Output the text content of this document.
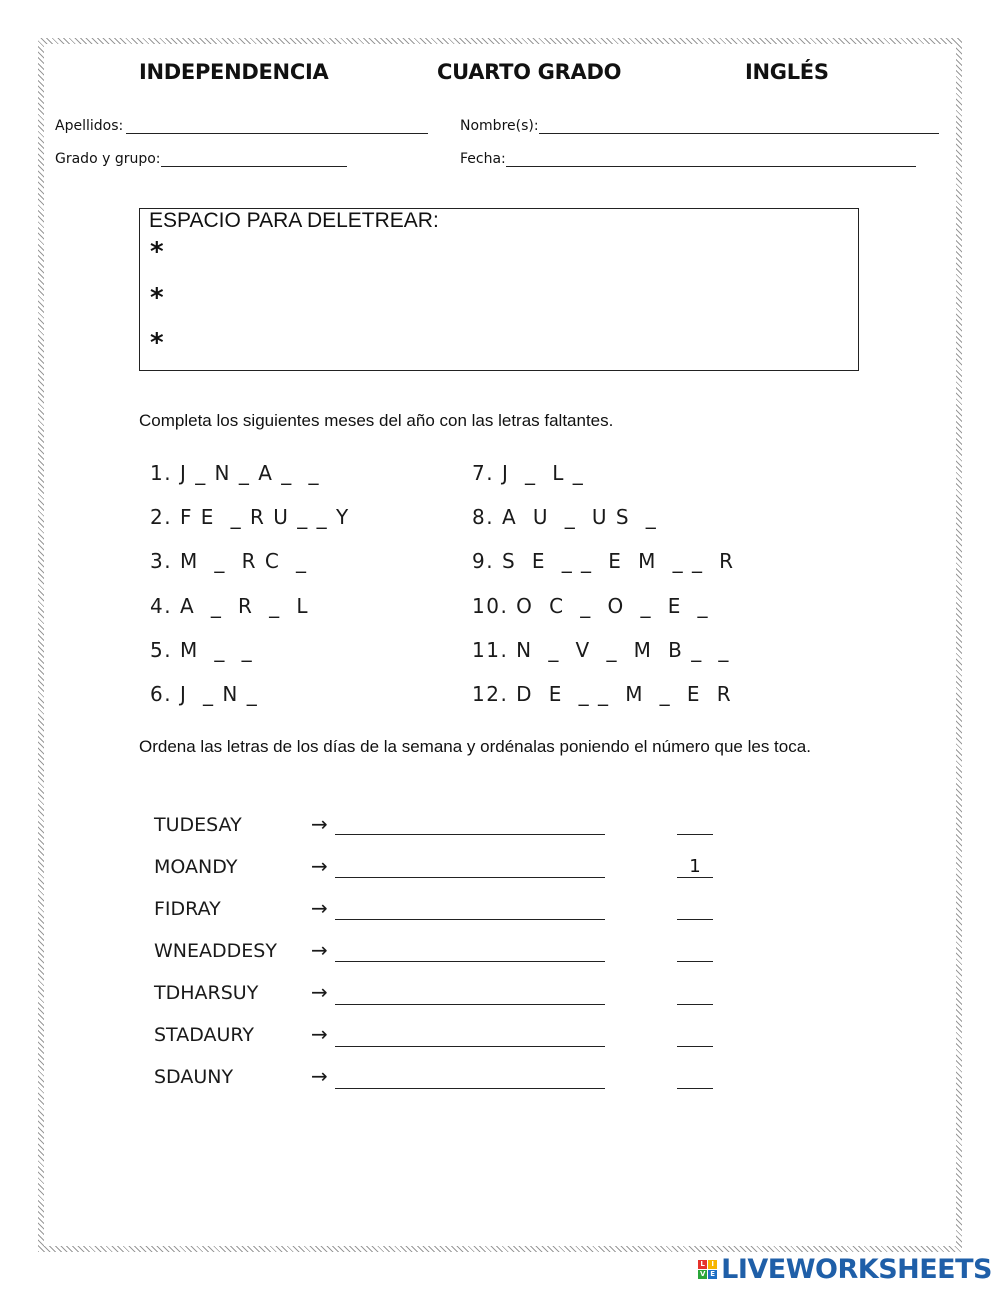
INDEPENDENCIA	CUARTO GRADO	INGLÉS
Apellidos:	Nombre(s):
Grado y grupo:	Fecha:
ESPACIO PARA DELETREAR:
*
*
*
Completa los siguientes meses del año con las letras faltantes.
1. J _ N _ A _  _
2. F E  _ R U _ _ Y
3. M  _  R C  _
4. A  _  R  _  L
5. M  _  _
6. J  _ N _
7. J  _  L _
8. A  U  _  U S  _
9. S  E  _ _  E  M  _ _  R
10. O  C  _  O  _  E  _
11. N  _  V  _  M  B _  _
12. D  E  _ _  M  _  E  R
Ordena las letras de los días de la semana y ordénalas poniendo el número que les toca.
TUDESAY	→
MOANDY	→	1
FIDRAY	→
WNEADDESY →
TDHARSUY	→
STADAURY	→
SDAUNY	→
L I
V E LIVEWORKSHEETS
